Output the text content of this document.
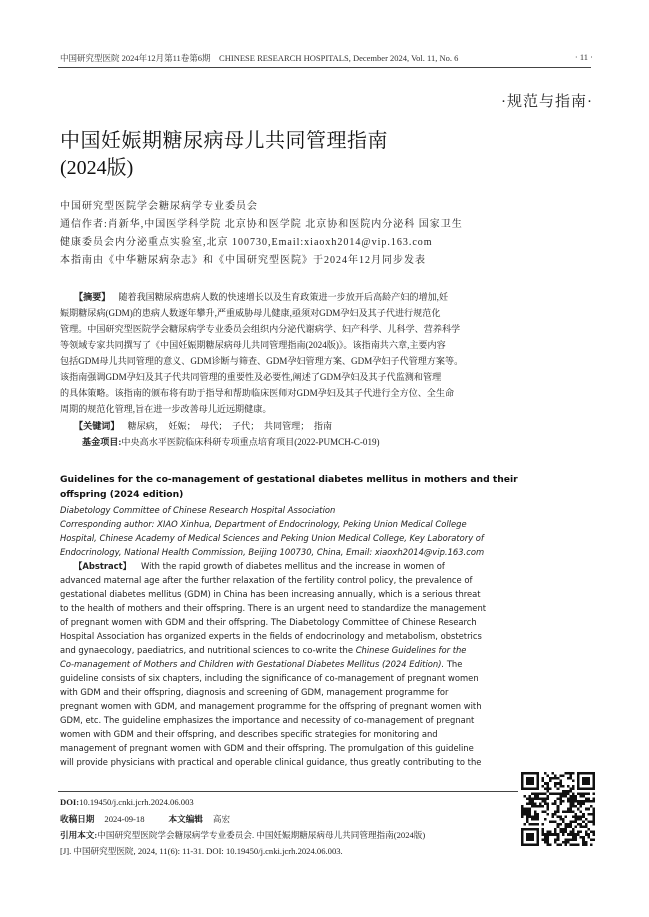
中国研究型医院 2024年12月第11卷第6期　CHINESE RESEARCH HOSPITALS, December 2024, Vol. 11, No. 6	· 11 ·
·规范与指南·
中国妊娠期糖尿病母儿共同管理指南
(2024版)
中国研究型医院学会糖尿病学专业委员会
通信作者:肖新华,中国医学科学院 北京协和医学院 北京协和医院内分泌科 国家卫生
健康委员会内分泌重点实验室,北京 100730,Email:xiaoxh2014@vip.163.com
本指南由《中华糖尿病杂志》和《中国研究型医院》于2024年12月同步发表
【摘要】 随着我国糖尿病患病人数的快速增长以及生育政策进一步放开后高龄产妇的增加,妊
娠期糖尿病(GDM)的患病人数逐年攀升,严重威胁母儿健康,亟须对GDM孕妇及其子代进行规范化
管理。中国研究型医院学会糖尿病学专业委员会组织内分泌代谢病学、妇产科学、儿科学、营养科学
等领域专家共同撰写了《中国妊娠期糖尿病母儿共同管理指南(2024版)》。该指南共六章,主要内容
包括GDM母儿共同管理的意义、GDM诊断与筛查、GDM孕妇管理方案、GDM孕妇子代管理方案等。
该指南强调GDM孕妇及其子代共同管理的重要性及必要性,阐述了GDM孕妇及其子代监测和管理
的具体策略。该指南的颁布将有助于指导和帮助临床医师对GDM孕妇及其子代进行全方位、全生命
周期的规范化管理,旨在进一步改善母儿近远期健康。
【关键词】 糖尿病，　妊娠；　母代；　子代；　共同管理；　指南
基金项目:中央高水平医院临床科研专项重点培育项目(2022-PUMCH-C-019)
Guidelines for the co-management of gestational diabetes mellitus in mothers and their
offspring (2024 edition)
Diabetology Committee of Chinese Research Hospital Association
Corresponding author: XIAO Xinhua, Department of Endocrinology, Peking Union Medical College
Hospital, Chinese Academy of Medical Sciences and Peking Union Medical College, Key Laboratory of
Endocrinology, National Health Commission, Beijing 100730, China, Email: xiaoxh2014@vip.163.com
【Abstract】 With the rapid growth of diabetes mellitus and the increase in women of
advanced maternal age after the further relaxation of the fertility control policy, the prevalence of
gestational diabetes mellitus (GDM) in China has been increasing annually, which is a serious threat
to the health of mothers and their offspring. There is an urgent need to standardize the management
of pregnant women with GDM and their offspring. The Diabetology Committee of Chinese Research
Hospital Association has organized experts in the fields of endocrinology and metabolism, obstetrics
and gynaecology, paediatrics, and nutritional sciences to co-write the Chinese Guidelines for the
Co-management of Mothers and Children with Gestational Diabetes Mellitus (2024 Edition). The
guideline consists of six chapters, including the significance of co-management of pregnant women
with GDM and their offspring, diagnosis and screening of GDM, management programme for
pregnant women with GDM, and management programme for the offspring of pregnant women with
GDM, etc. The guideline emphasizes the importance and necessity of co-management of pregnant
women with GDM and their offspring, and describes specific strategies for monitoring and
management of pregnant women with GDM and their offspring. The promulgation of this guideline
will provide physicians with practical and operable clinical guidance, thus greatly contributing to the
DOI:10.19450/j.cnki.jcrh.2024.06.003
收稿日期 2024-09-18	本文编辑 高宏
引用本文:中国研究型医院学会糖尿病学专业委员会. 中国妊娠期糖尿病母儿共同管理指南(2024版)
[J]. 中国研究型医院, 2024, 11(6): 11-31. DOI: 10.19450/j.cnki.jcrh.2024.06.003.
